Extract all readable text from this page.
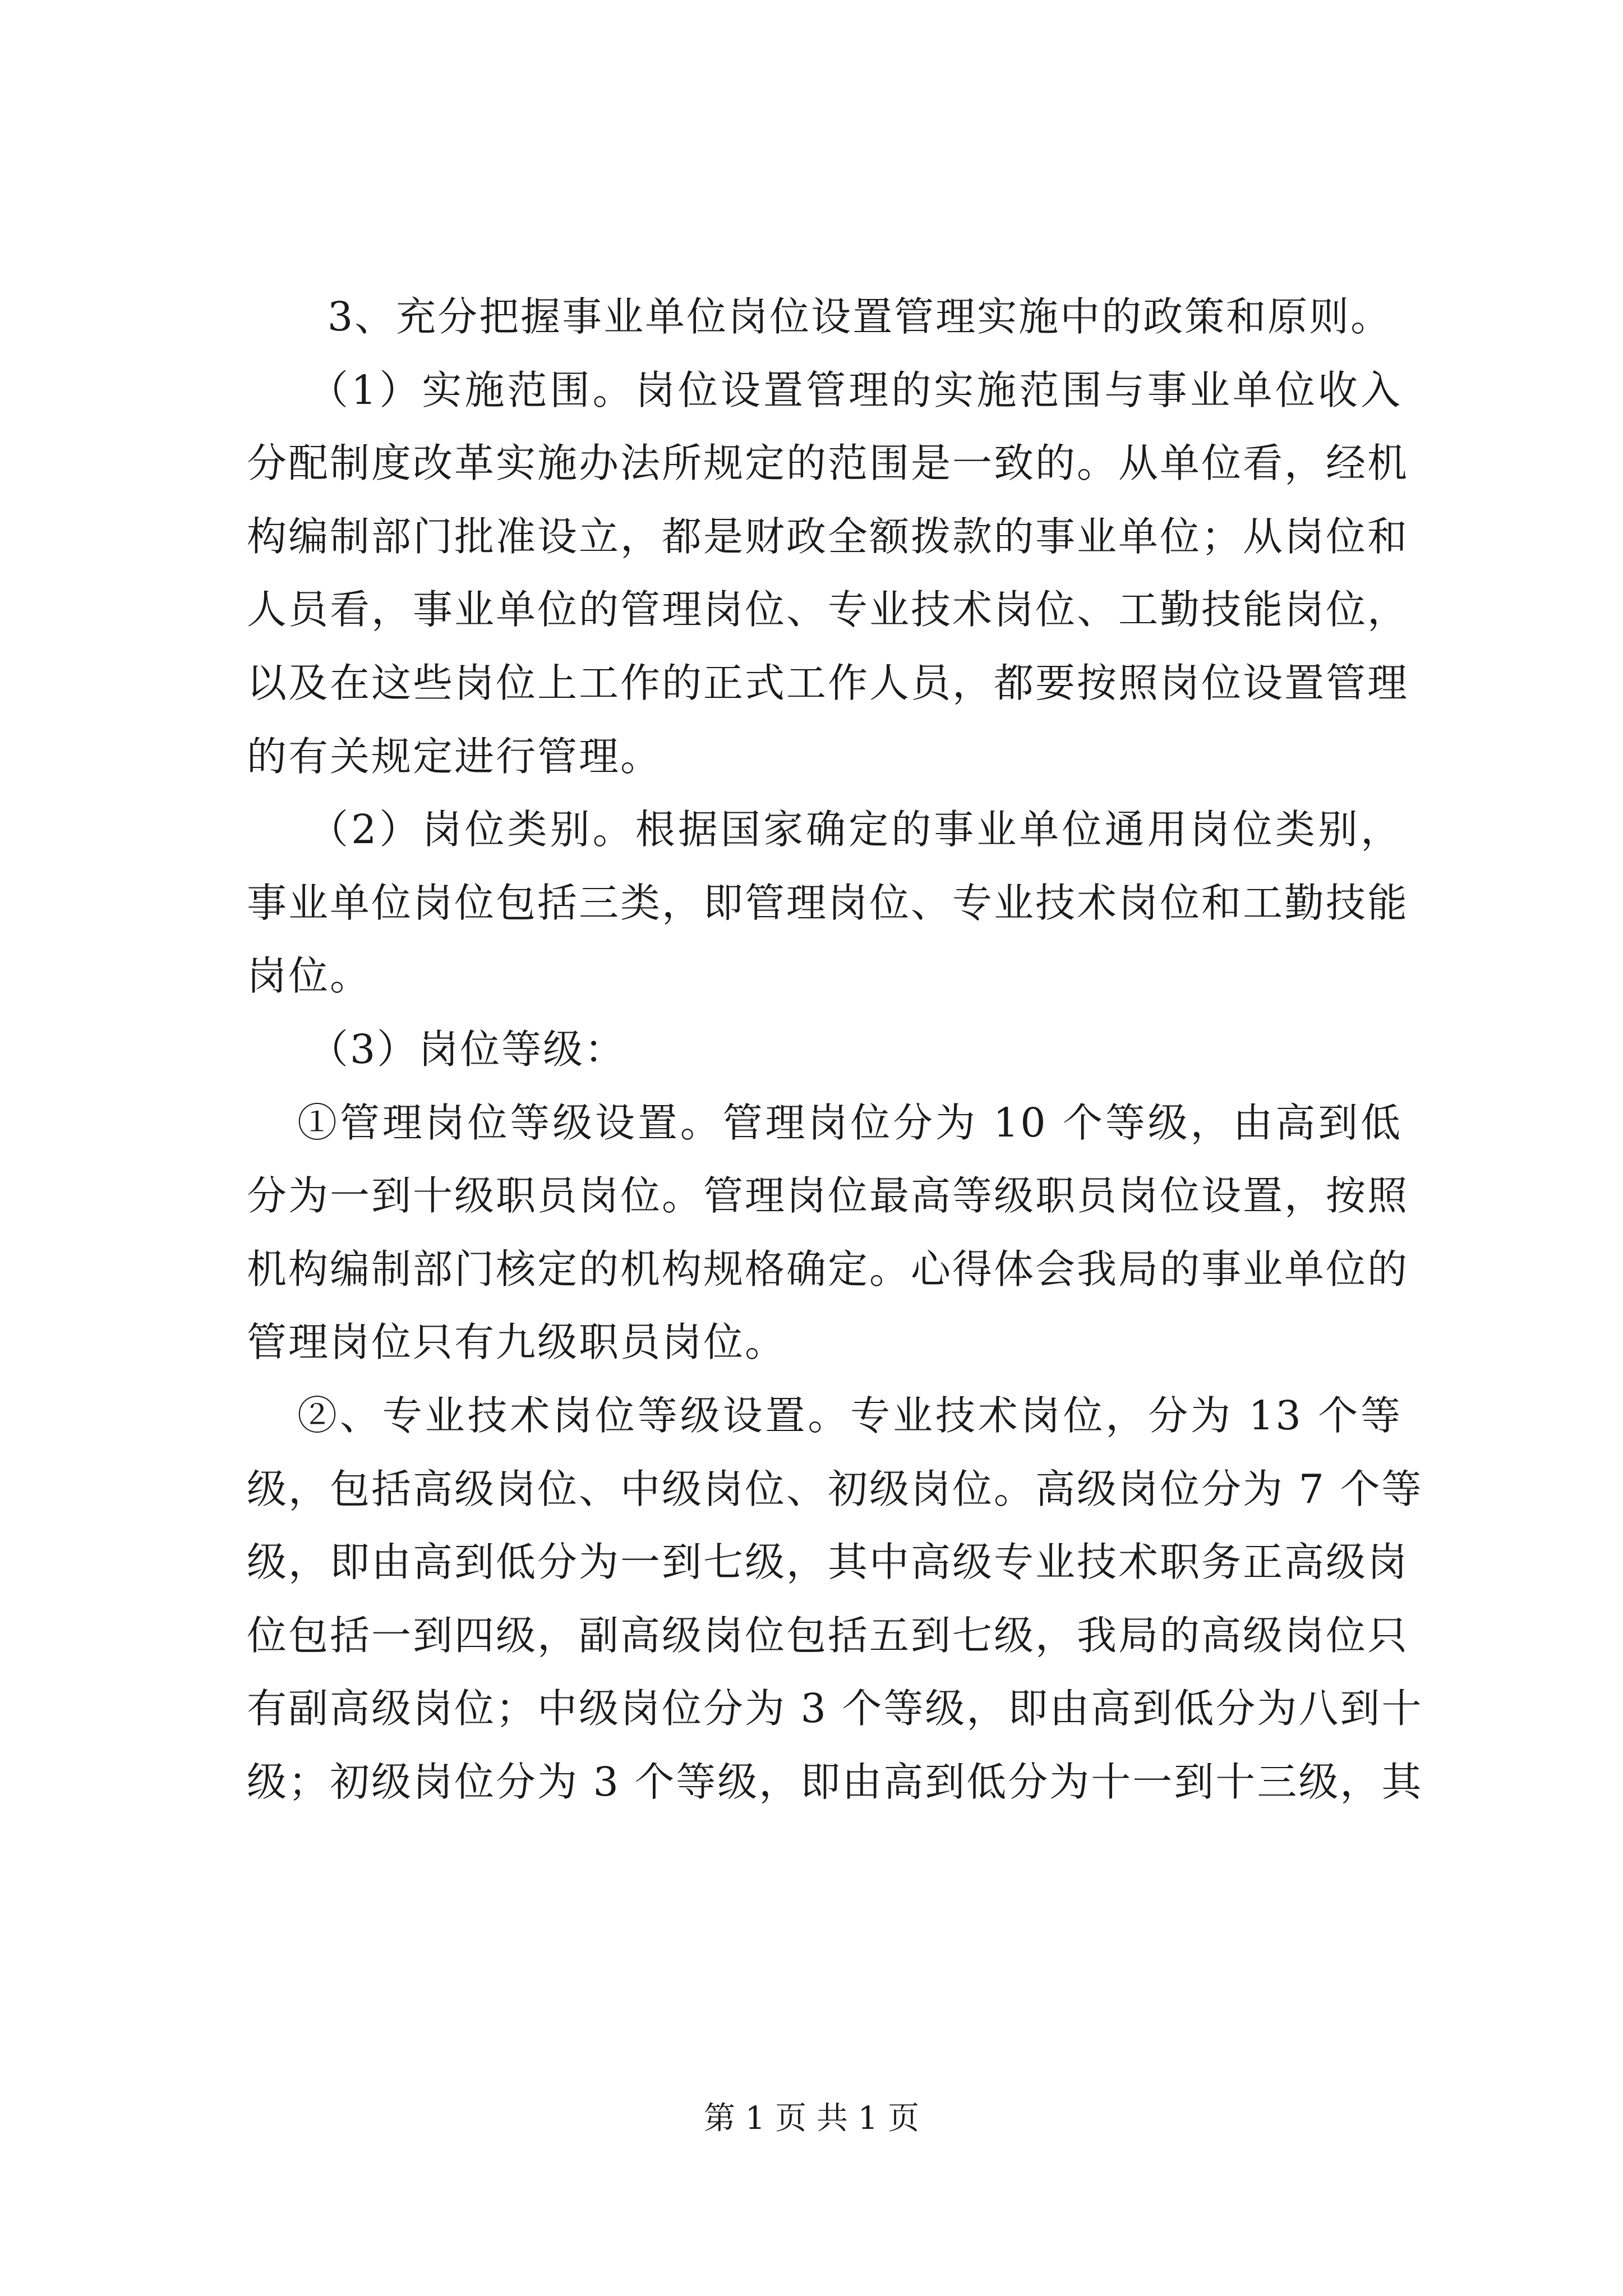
3、充分把握事业单位岗位设置管理实施中的政策和原则。

（1）实施范围。岗位设置管理的实施范围与事业单位收入
分配制度改革实施办法所规定的范围是一致的。从单位看，经机
构编制部门批准设立，都是财政全额拨款的事业单位；从岗位和
人员看，事业单位的管理岗位、专业技术岗位、工勤技能岗位，
以及在这些岗位上工作的正式工作人员，都要按照岗位设置管理
的有关规定进行管理。

（2）岗位类别。根据国家确定的事业单位通用岗位类别，
事业单位岗位包括三类，即管理岗位、专业技术岗位和工勤技能
岗位。

（3）岗位等级：

①管理岗位等级设置。管理岗位分为 10 个等级，由高到低
分为一到十级职员岗位。管理岗位最高等级职员岗位设置，按照
机构编制部门核定的机构规格确定。心得体会我局的事业单位的
管理岗位只有九级职员岗位。

②、专业技术岗位等级设置。专业技术岗位，分为 13 个等
级，包括高级岗位、中级岗位、初级岗位。高级岗位分为 7 个等
级，即由高到低分为一到七级，其中高级专业技术职务正高级岗
位包括一到四级，副高级岗位包括五到七级，我局的高级岗位只
有副高级岗位；中级岗位分为 3 个等级，即由高到低分为八到十
级；初级岗位分为 3 个等级，即由高到低分为十一到十三级，其

第 1 页 共 1 页
